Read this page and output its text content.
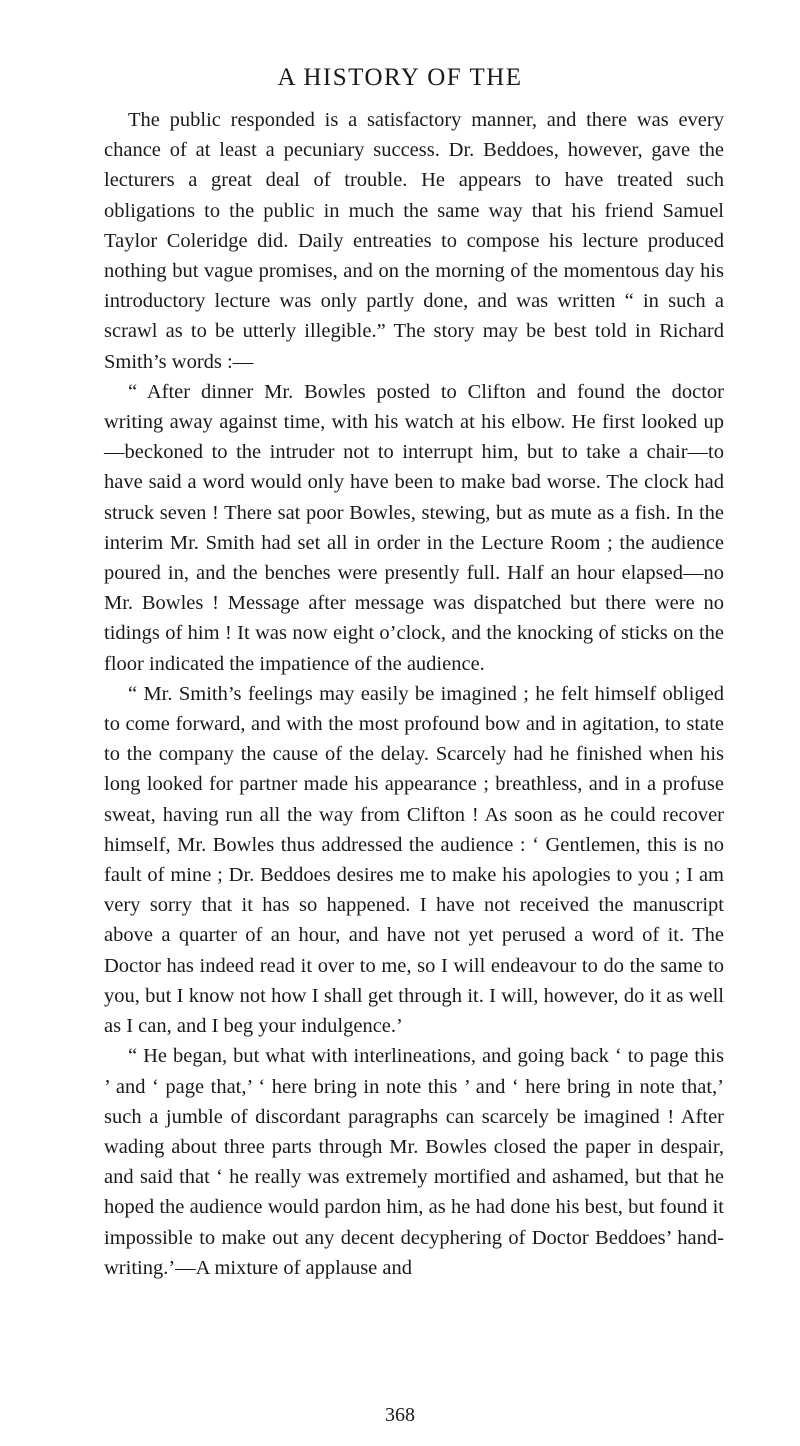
A HISTORY OF THE

The public responded is a satisfactory manner, and there was every chance of at least a pecuniary success. Dr. Beddoes, however, gave the lecturers a great deal of trouble. He appears to have treated such obligations to the public in much the same way that his friend Samuel Taylor Coleridge did. Daily entreaties to compose his lecture produced nothing but vague promises, and on the morning of the momentous day his introductory lecture was only partly done, and was written “ in such a scrawl as to be utterly illegible.” The story may be best told in Richard Smith’s words :—

“ After dinner Mr. Bowles posted to Clifton and found the doctor writing away against time, with his watch at his elbow. He first looked up—beckoned to the intruder not to interrupt him, but to take a chair—to have said a word would only have been to make bad worse. The clock had struck seven ! There sat poor Bowles, stewing, but as mute as a fish. In the interim Mr. Smith had set all in order in the Lecture Room ; the audience poured in, and the benches were presently full. Half an hour elapsed—no Mr. Bowles ! Message after message was dispatched but there were no tidings of him ! It was now eight o’clock, and the knocking of sticks on the floor indicated the impatience of the audience.

“ Mr. Smith’s feelings may easily be imagined ; he felt himself obliged to come forward, and with the most profound bow and in agitation, to state to the company the cause of the delay. Scarcely had he finished when his long looked for partner made his appearance ; breathless, and in a profuse sweat, having run all the way from Clifton ! As soon as he could recover himself, Mr. Bowles thus addressed the audience : ‘ Gentlemen, this is no fault of mine ; Dr. Beddoes desires me to make his apologies to you ; I am very sorry that it has so happened. I have not received the manuscript above a quarter of an hour, and have not yet perused a word of it. The Doctor has indeed read it over to me, so I will endeavour to do the same to you, but I know not how I shall get through it. I will, however, do it as well as I can, and I beg your indulgence.’

“ He began, but what with interlineations, and going back ‘ to page this ’ and ‘ page that,’ ‘ here bring in note this ’ and ‘ here bring in note that,’ such a jumble of discordant paragraphs can scarcely be imagined ! After wading about three parts through Mr. Bowles closed the paper in despair, and said that ‘ he really was extremely mortified and ashamed, but that he hoped the audience would pardon him, as he had done his best, but found it impossible to make out any decent decyphering of Doctor Beddoes’ hand-writing.’—A mixture of applause and

368
